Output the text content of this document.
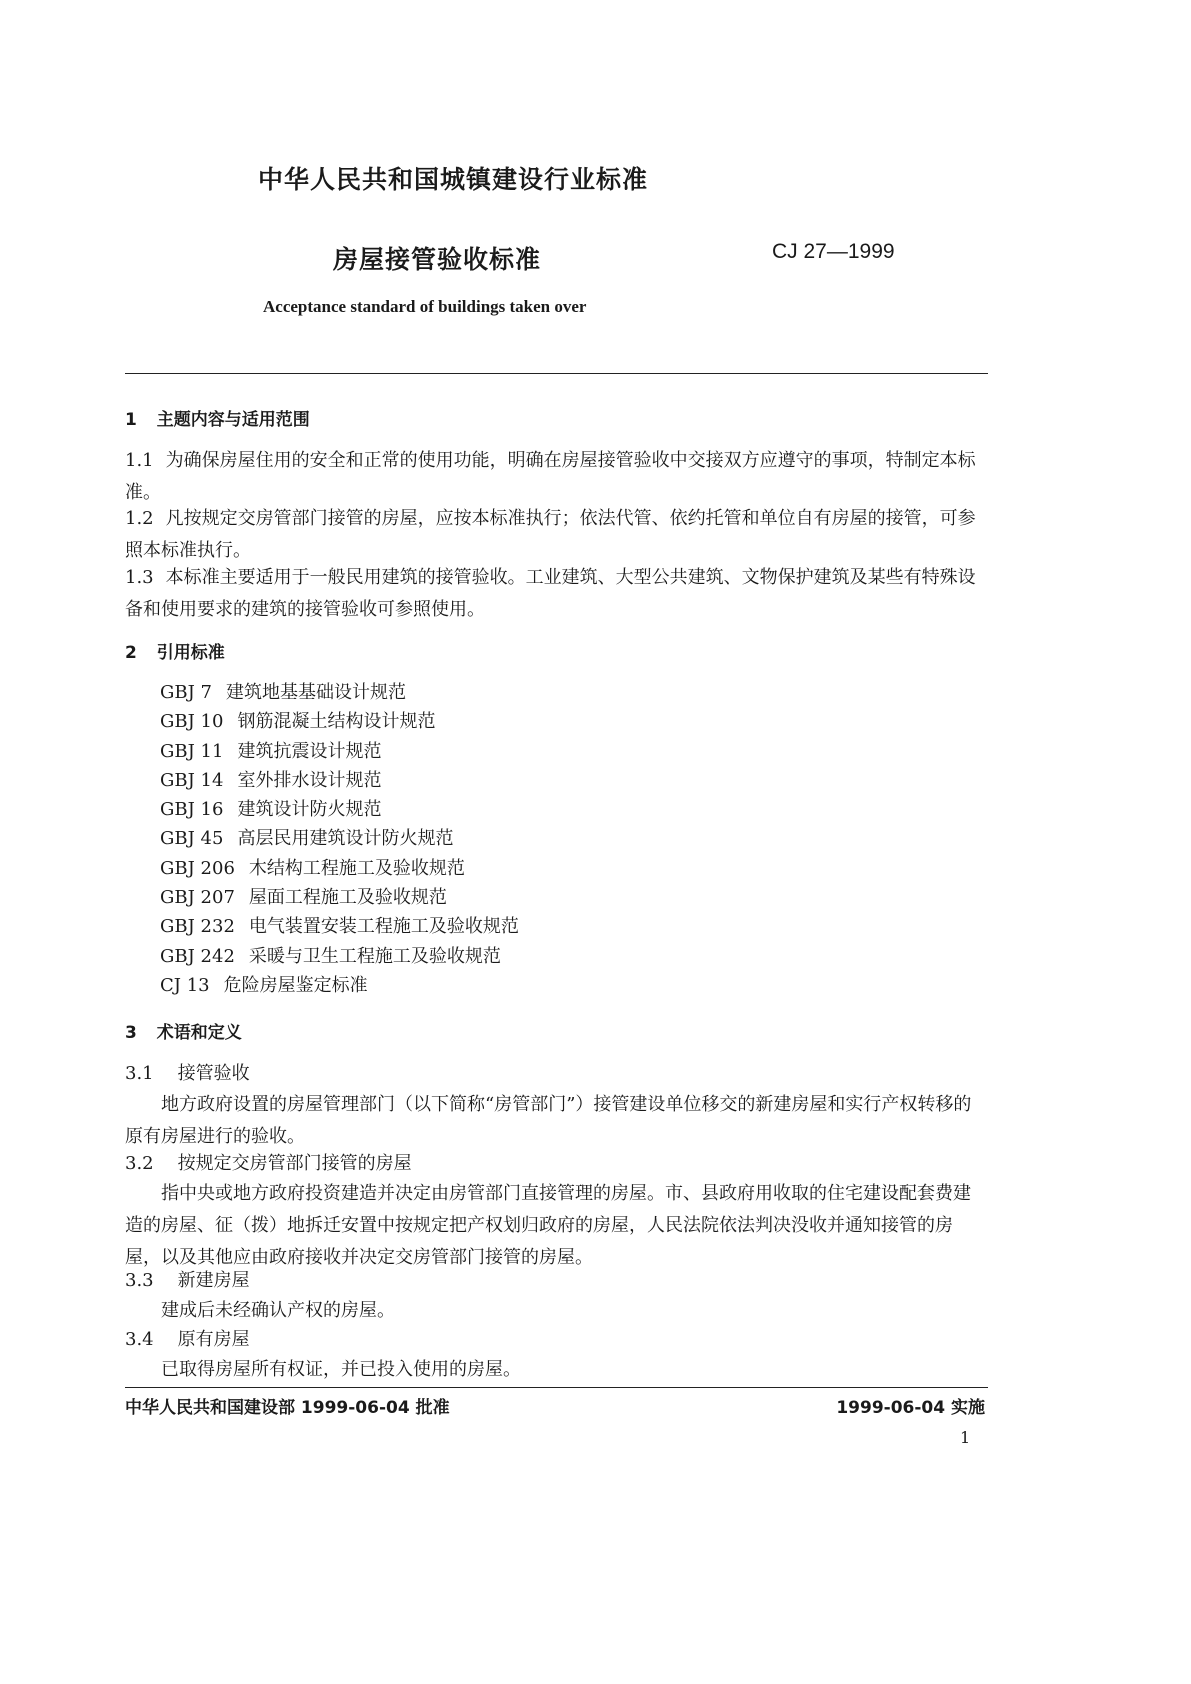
中华人民共和国城镇建设行业标准
房屋接管验收标准	CJ 27—1999
Acceptance standard of buildings taken over
1 主题内容与适用范围
1.1 为确保房屋住用的安全和正常的使用功能，明确在房屋接管验收中交接双方应遵守的事项，特制定本标准。
1.2 凡按规定交房管部门接管的房屋，应按本标准执行；依法代管、依约托管和单位自有房屋的接管，可参照本标准执行。
1.3 本标准主要适用于一般民用建筑的接管验收。工业建筑、大型公共建筑、文物保护建筑及某些有特殊设备和使用要求的建筑的接管验收可参照使用。
2 引用标准
GBJ 7 建筑地基基础设计规范
GBJ 10 钢筋混凝土结构设计规范
GBJ 11 建筑抗震设计规范
GBJ 14 室外排水设计规范
GBJ 16 建筑设计防火规范
GBJ 45 高层民用建筑设计防火规范
GBJ 206 木结构工程施工及验收规范
GBJ 207 屋面工程施工及验收规范
GBJ 232 电气装置安装工程施工及验收规范
GBJ 242 采暖与卫生工程施工及验收规范
CJ 13 危险房屋鉴定标准
3 术语和定义
3.1 接管验收
地方政府设置的房屋管理部门（以下简称“房管部门”）接管建设单位移交的新建房屋和实行产权转移的原有房屋进行的验收。
3.2 按规定交房管部门接管的房屋
指中央或地方政府投资建造并决定由房管部门直接管理的房屋。市、县政府用收取的住宅建设配套费建造的房屋、征（拨）地拆迁安置中按规定把产权划归政府的房屋，人民法院依法判决没收并通知接管的房屋，以及其他应由政府接收并决定交房管部门接管的房屋。
3.3 新建房屋
建成后未经确认产权的房屋。
3.4 原有房屋
已取得房屋所有权证，并已投入使用的房屋。
中华人民共和国建设部 1999-06-04 批准	1999-06-04 实施
1
